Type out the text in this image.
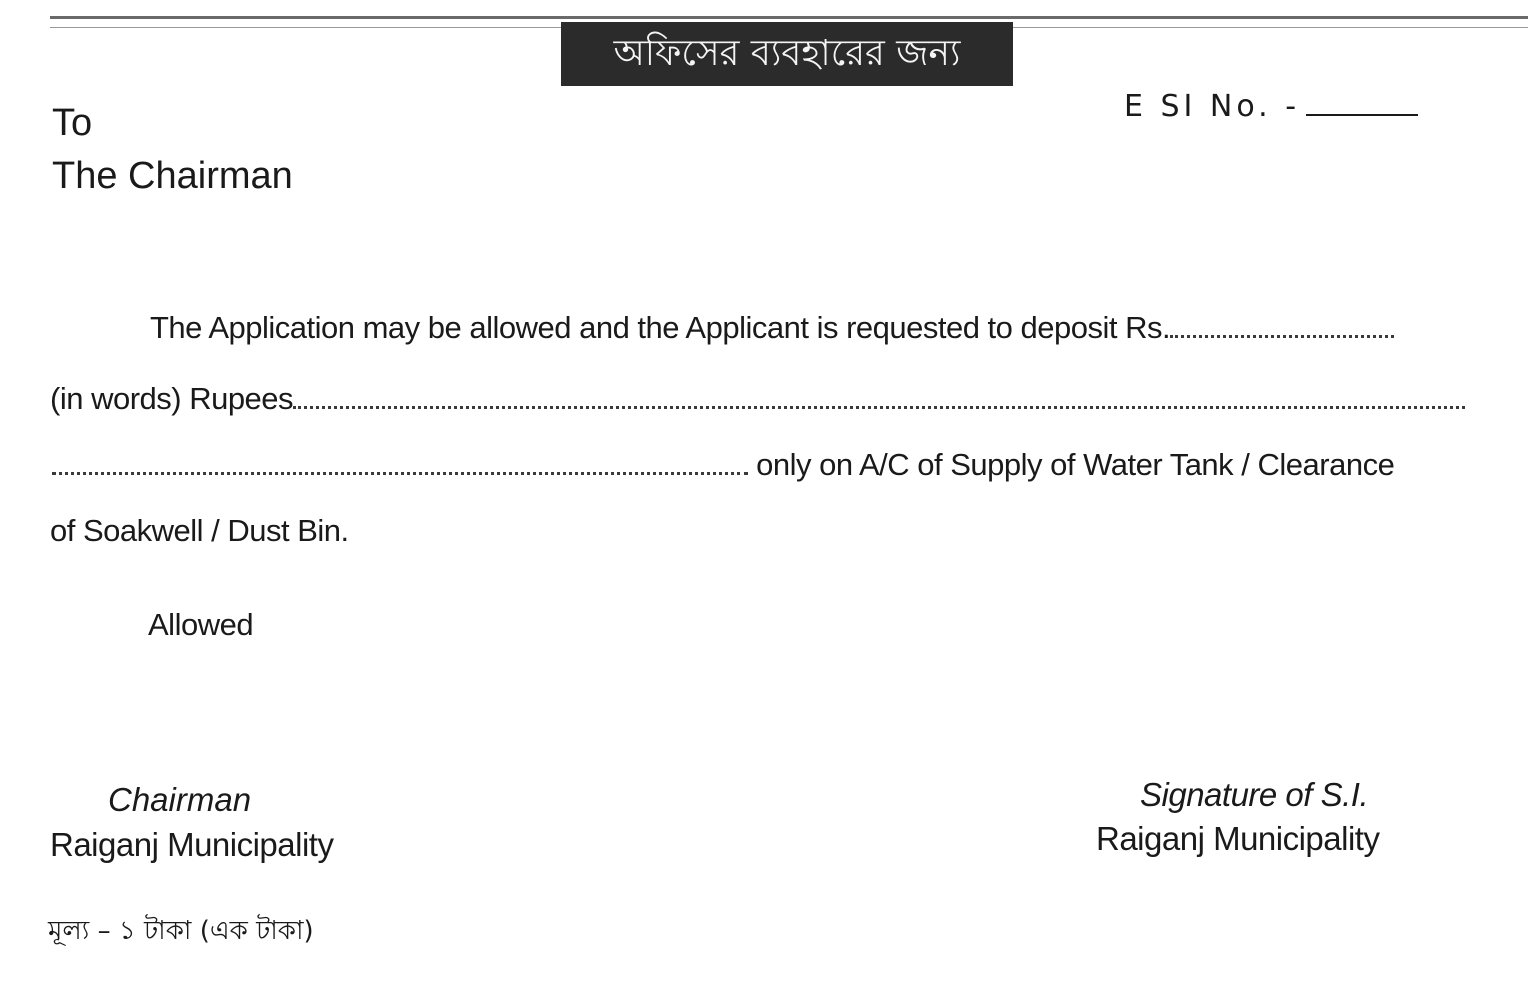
অফিসের ব্যবহারের জন্য
E SI No. -
To
The Chairman
The Application may be allowed and the Applicant is requested to deposit Rs.
(in words) Rupees
only on A/C of Supply of Water Tank / Clearance
of Soakwell / Dust Bin.
Allowed
Chairman
Raiganj Municipality
Signature of S.I.
Raiganj Municipality
মূল্য – ১ টাকা (এক টাকা)
